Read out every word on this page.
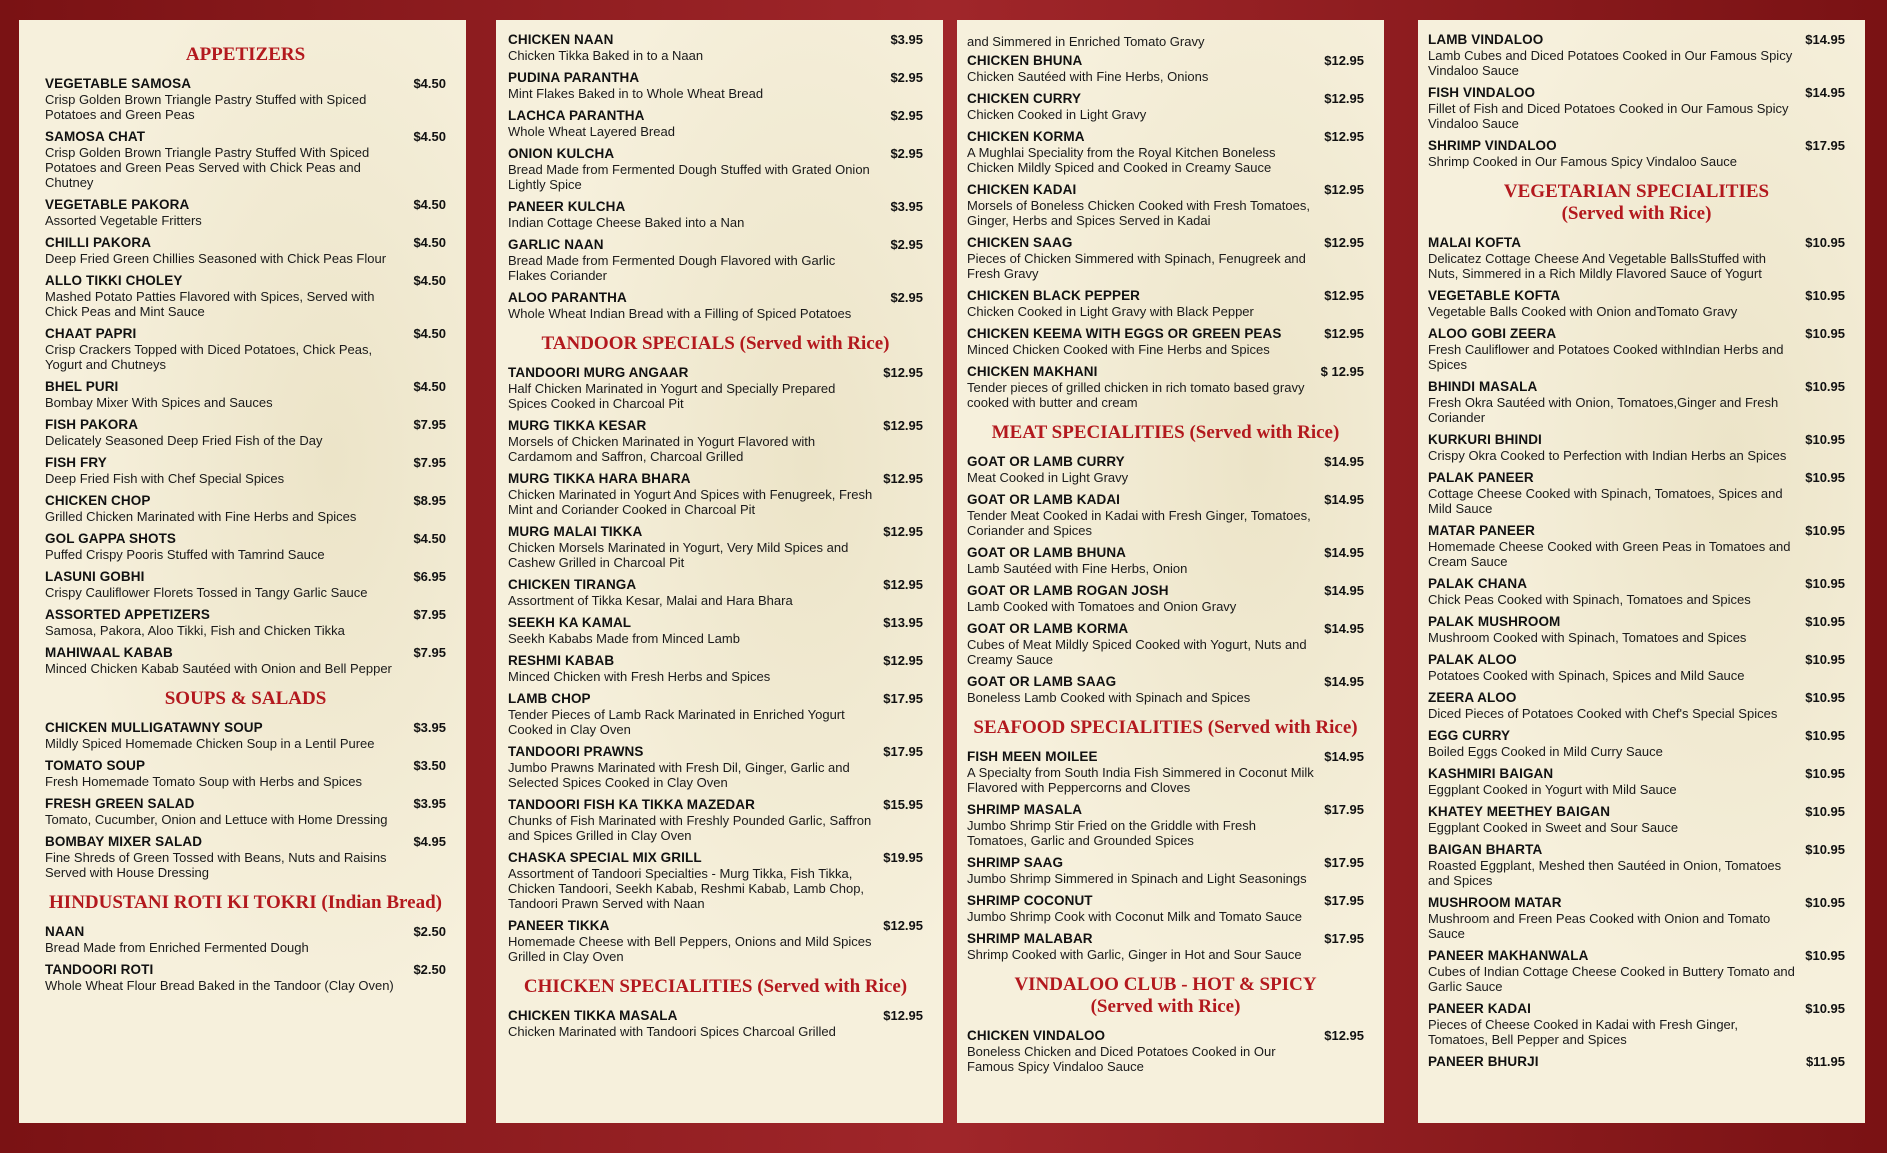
APPETIZERS
VEGETABLE SAMOSA	$4.50
Crisp Golden Brown Triangle Pastry Stuffed with Spiced Potatoes and Green Peas
SAMOSA CHAT	$4.50
Crisp Golden Brown Triangle Pastry Stuffed With Spiced Potatoes and Green Peas Served with Chick Peas and Chutney
VEGETABLE PAKORA	$4.50
Assorted Vegetable Fritters
CHILLI PAKORA	$4.50
Deep Fried Green Chillies Seasoned with Chick Peas Flour
ALLO TIKKI CHOLEY	$4.50
Mashed Potato Patties Flavored with Spices, Served with Chick Peas and Mint Sauce
CHAAT PAPRI	$4.50
Crisp Crackers Topped with Diced Potatoes, Chick Peas, Yogurt and Chutneys
BHEL PURI	$4.50
Bombay Mixer With Spices and Sauces
FISH PAKORA	$7.95
Delicately Seasoned Deep Fried Fish of the Day
FISH FRY	$7.95
Deep Fried Fish with Chef Special Spices
CHICKEN CHOP	$8.95
Grilled Chicken Marinated with Fine Herbs and Spices
GOL GAPPA SHOTS	$4.50
Puffed Crispy Pooris Stuffed with Tamrind Sauce
LASUNI GOBHI	$6.95
Crispy Cauliflower Florets Tossed in Tangy Garlic Sauce
ASSORTED APPETIZERS	$7.95
Samosa, Pakora, Aloo Tikki, Fish and Chicken Tikka
MAHIWAAL KABAB	$7.95
Minced Chicken Kabab Sautéed with Onion and Bell Pepper
SOUPS & SALADS
CHICKEN MULLIGATAWNY SOUP	$3.95
Mildly Spiced Homemade Chicken Soup in a Lentil Puree
TOMATO SOUP	$3.50
Fresh Homemade Tomato Soup with Herbs and Spices
FRESH GREEN SALAD	$3.95
Tomato, Cucumber, Onion and Lettuce with Home Dressing
BOMBAY MIXER SALAD	$4.95
Fine Shreds of Green Tossed with Beans, Nuts and Raisins Served with House Dressing
HINDUSTANI ROTI KI TOKRI (Indian Bread)
NAAN	$2.50
Bread Made from Enriched Fermented Dough
TANDOORI ROTI	$2.50
Whole Wheat Flour Bread Baked in the Tandoor (Clay Oven)
CHICKEN NAAN	$3.95
Chicken Tikka Baked in to a Naan
PUDINA PARANTHA	$2.95
Mint Flakes Baked in to Whole Wheat Bread
LACHCA PARANTHA	$2.95
Whole Wheat Layered Bread
ONION KULCHA	$2.95
Bread Made from Fermented Dough Stuffed with Grated Onion Lightly Spice
PANEER KULCHA	$3.95
Indian Cottage Cheese Baked into a Nan
GARLIC NAAN	$2.95
Bread Made from Fermented Dough Flavored with Garlic Flakes Coriander
ALOO PARANTHA	$2.95
Whole Wheat Indian Bread with a Filling of Spiced Potatoes
TANDOOR SPECIALS (Served with Rice)
TANDOORI MURG ANGAAR	$12.95
Half Chicken Marinated in Yogurt and Specially Prepared Spices Cooked in Charcoal Pit
MURG TIKKA KESAR	$12.95
Morsels of Chicken Marinated in Yogurt Flavored with Cardamom and Saffron, Charcoal Grilled
MURG TIKKA HARA BHARA	$12.95
Chicken Marinated in Yogurt And Spices with Fenugreek, Fresh Mint and Coriander Cooked in Charcoal Pit
MURG MALAI TIKKA	$12.95
Chicken Morsels Marinated in Yogurt, Very Mild Spices and Cashew Grilled in Charcoal Pit
CHICKEN TIRANGA	$12.95
Assortment of Tikka Kesar, Malai and Hara Bhara
SEEKH KA KAMAL	$13.95
Seekh Kababs Made from Minced Lamb
RESHMI KABAB	$12.95
Minced Chicken with Fresh Herbs and Spices
LAMB CHOP	$17.95
Tender Pieces of Lamb Rack Marinated in Enriched Yogurt Cooked in Clay Oven
TANDOORI PRAWNS	$17.95
Jumbo Prawns Marinated with Fresh Dil, Ginger, Garlic and Selected Spices Cooked in Clay Oven
TANDOORI FISH KA TIKKA MAZEDAR	$15.95
Chunks of Fish Marinated with Freshly Pounded Garlic, Saffron and Spices Grilled in Clay Oven
CHASKA SPECIAL MIX GRILL	$19.95
Assortment of Tandoori Specialties - Murg Tikka, Fish Tikka, Chicken Tandoori, Seekh Kabab, Reshmi Kabab, Lamb Chop, Tandoori Prawn Served with Naan
PANEER TIKKA	$12.95
Homemade Cheese with Bell Peppers, Onions and Mild Spices Grilled in Clay Oven
CHICKEN SPECIALITIES (Served with Rice)
CHICKEN TIKKA MASALA	$12.95
Chicken Marinated with Tandoori Spices Charcoal Grilled
and Simmered in Enriched Tomato Gravy
CHICKEN BHUNA	$12.95
Chicken Sautéed with Fine Herbs, Onions
CHICKEN CURRY	$12.95
Chicken Cooked in Light Gravy
CHICKEN KORMA	$12.95
A Mughlai Speciality from the Royal Kitchen Boneless Chicken Mildly Spiced and Cooked in Creamy Sauce
CHICKEN KADAI	$12.95
Morsels of Boneless Chicken Cooked with Fresh Tomatoes, Ginger, Herbs and Spices Served in Kadai
CHICKEN SAAG	$12.95
Pieces of Chicken Simmered with Spinach, Fenugreek and Fresh Gravy
CHICKEN BLACK PEPPER	$12.95
Chicken Cooked in Light Gravy with Black Pepper
CHICKEN KEEMA WITH EGGS OR GREEN PEAS	$12.95
Minced Chicken Cooked with Fine Herbs and Spices
CHICKEN MAKHANI	$ 12.95
Tender pieces of grilled chicken in rich tomato based gravy cooked with butter and cream
MEAT SPECIALITIES (Served with Rice)
GOAT OR LAMB CURRY	$14.95
Meat Cooked in Light Gravy
GOAT OR LAMB KADAI	$14.95
Tender Meat Cooked in Kadai with Fresh Ginger, Tomatoes, Coriander and Spices
GOAT OR LAMB BHUNA	$14.95
Lamb Sautéed with Fine Herbs, Onion
GOAT OR LAMB ROGAN JOSH	$14.95
Lamb Cooked with Tomatoes and Onion Gravy
GOAT OR LAMB KORMA	$14.95
Cubes of Meat Mildly Spiced Cooked with Yogurt, Nuts and Creamy Sauce
GOAT OR LAMB SAAG	$14.95
Boneless Lamb Cooked with Spinach and Spices
SEAFOOD SPECIALITIES (Served with Rice)
FISH MEEN MOILEE	$14.95
A Specialty from South India Fish Simmered in Coconut Milk Flavored with Peppercorns and Cloves
SHRIMP MASALA	$17.95
Jumbo Shrimp Stir Fried on the Griddle with Fresh Tomatoes, Garlic and Grounded Spices
SHRIMP SAAG	$17.95
Jumbo Shrimp Simmered in Spinach and Light Seasonings
SHRIMP COCONUT	$17.95
Jumbo Shrimp Cook with Coconut Milk and Tomato Sauce
SHRIMP MALABAR	$17.95
Shrimp Cooked with Garlic, Ginger in Hot and Sour Sauce
VINDALOO CLUB - HOT & SPICY
(Served with Rice)
CHICKEN VINDALOO	$12.95
Boneless Chicken and Diced Potatoes Cooked in Our Famous Spicy Vindaloo Sauce
LAMB VINDALOO	$14.95
Lamb Cubes and Diced Potatoes Cooked in Our Famous Spicy Vindaloo Sauce
FISH VINDALOO	$14.95
Fillet of Fish and Diced Potatoes Cooked in Our Famous Spicy Vindaloo Sauce
SHRIMP VINDALOO	$17.95
Shrimp Cooked in Our Famous Spicy Vindaloo Sauce
VEGETARIAN SPECIALITIES
(Served with Rice)
MALAI KOFTA	$10.95
Delicatez Cottage Cheese And Vegetable BallsStuffed with Nuts, Simmered in a Rich Mildly Flavored Sauce of Yogurt
VEGETABLE KOFTA	$10.95
Vegetable Balls Cooked with Onion andTomato Gravy
ALOO GOBI ZEERA	$10.95
Fresh Cauliflower and Potatoes Cooked withIndian Herbs and Spices
BHINDI MASALA	$10.95
Fresh Okra Sautéed with Onion, Tomatoes,Ginger and Fresh Coriander
KURKURI BHINDI	$10.95
Crispy Okra Cooked to Perfection with Indian Herbs an Spices
PALAK PANEER	$10.95
Cottage Cheese Cooked with Spinach, Tomatoes, Spices and Mild Sauce
MATAR PANEER	$10.95
Homemade Cheese Cooked with Green Peas in Tomatoes and Cream Sauce
PALAK CHANA	$10.95
Chick Peas Cooked with Spinach, Tomatoes and Spices
PALAK MUSHROOM	$10.95
Mushroom Cooked with Spinach, Tomatoes and Spices
PALAK ALOO	$10.95
Potatoes Cooked with Spinach, Spices and Mild Sauce
ZEERA ALOO	$10.95
Diced Pieces of Potatoes Cooked with Chef's Special Spices
EGG CURRY	$10.95
Boiled Eggs Cooked in Mild Curry Sauce
KASHMIRI BAIGAN	$10.95
Eggplant Cooked in Yogurt with Mild Sauce
KHATEY MEETHEY BAIGAN	$10.95
Eggplant Cooked in Sweet and Sour Sauce
BAIGAN BHARTA	$10.95
Roasted Eggplant, Meshed then Sautéed in Onion, Tomatoes and Spices
MUSHROOM MATAR	$10.95
Mushroom and Freen Peas Cooked with Onion and Tomato Sauce
PANEER MAKHANWALA	$10.95
Cubes of Indian Cottage Cheese Cooked in Buttery Tomato and Garlic Sauce
PANEER KADAI	$10.95
Pieces of Cheese Cooked in Kadai with Fresh Ginger, Tomatoes, Bell Pepper and Spices
PANEER BHURJI	$11.95
